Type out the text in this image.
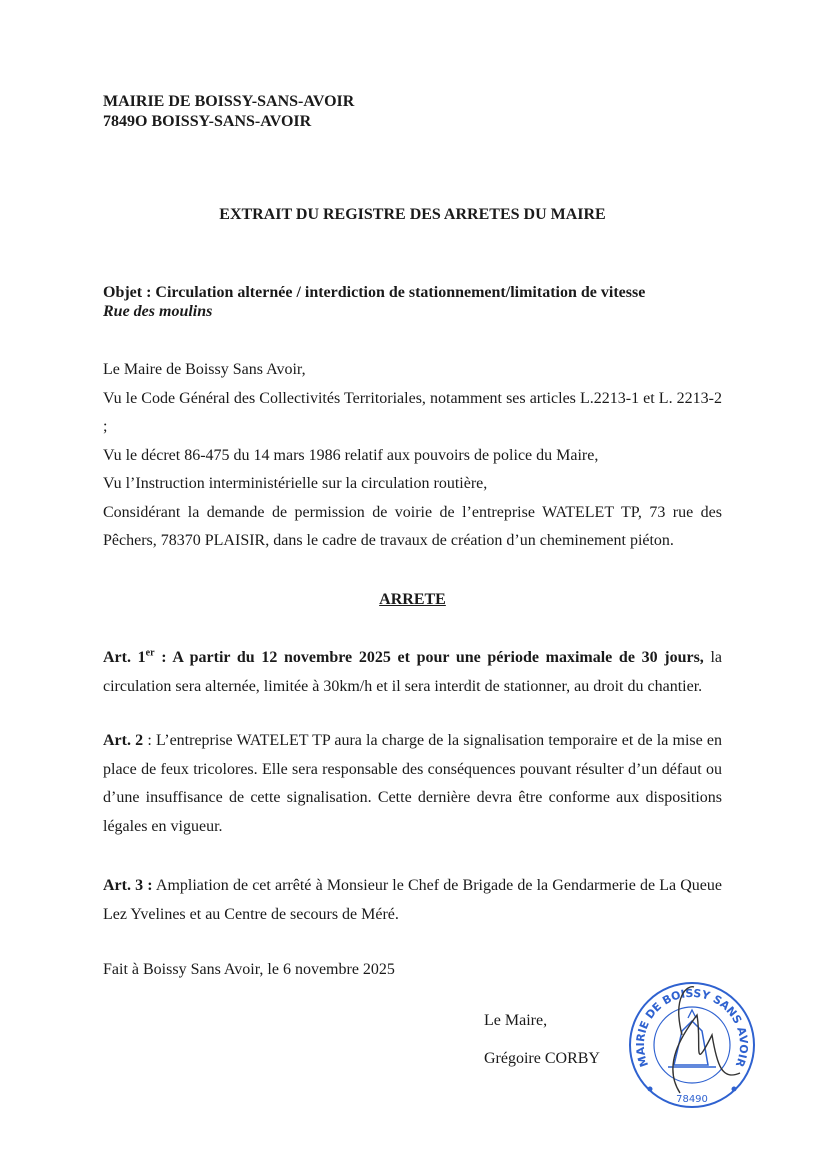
MAIRIE DE BOISSY-SANS-AVOIR
7849O BOISSY-SANS-AVOIR
EXTRAIT DU REGISTRE DES ARRETES DU MAIRE
Objet : Circulation alternée / interdiction de stationnement/limitation de vitesse
Rue des moulins
Le Maire de Boissy Sans Avoir,
Vu le Code Général des Collectivités Territoriales, notamment ses articles L.2213-1 et L. 2213-2 ;
Vu le décret 86-475 du 14 mars 1986 relatif aux pouvoirs de police du Maire,
Vu l’Instruction interministérielle sur la circulation routière,
Considérant la demande de permission de voirie de l’entreprise WATELET TP, 73 rue des Pêchers, 78370 PLAISIR, dans le cadre de travaux de création d’un cheminement piéton.
ARRETE
Art. 1er : A partir du 12 novembre 2025 et pour une période maximale de 30 jours, la circulation sera alternée, limitée à 30km/h et il sera interdit de stationner, au droit du chantier.
Art. 2 : L’entreprise WATELET TP aura la charge de la signalisation temporaire et de la mise en place de feux tricolores. Elle sera responsable des conséquences pouvant résulter d’un défaut ou d’une insuffisance de cette signalisation. Cette dernière devra être conforme aux dispositions légales en vigueur.
Art. 3 : Ampliation de cet arrêté à Monsieur le Chef de Brigade de la Gendarmerie de La Queue Lez Yvelines et au Centre de secours de Méré.
Fait à Boissy Sans Avoir, le 6 novembre 2025
Le Maire,
Grégoire CORBY	MAIRIE DE BOISSY SANS AVOIR
78490
